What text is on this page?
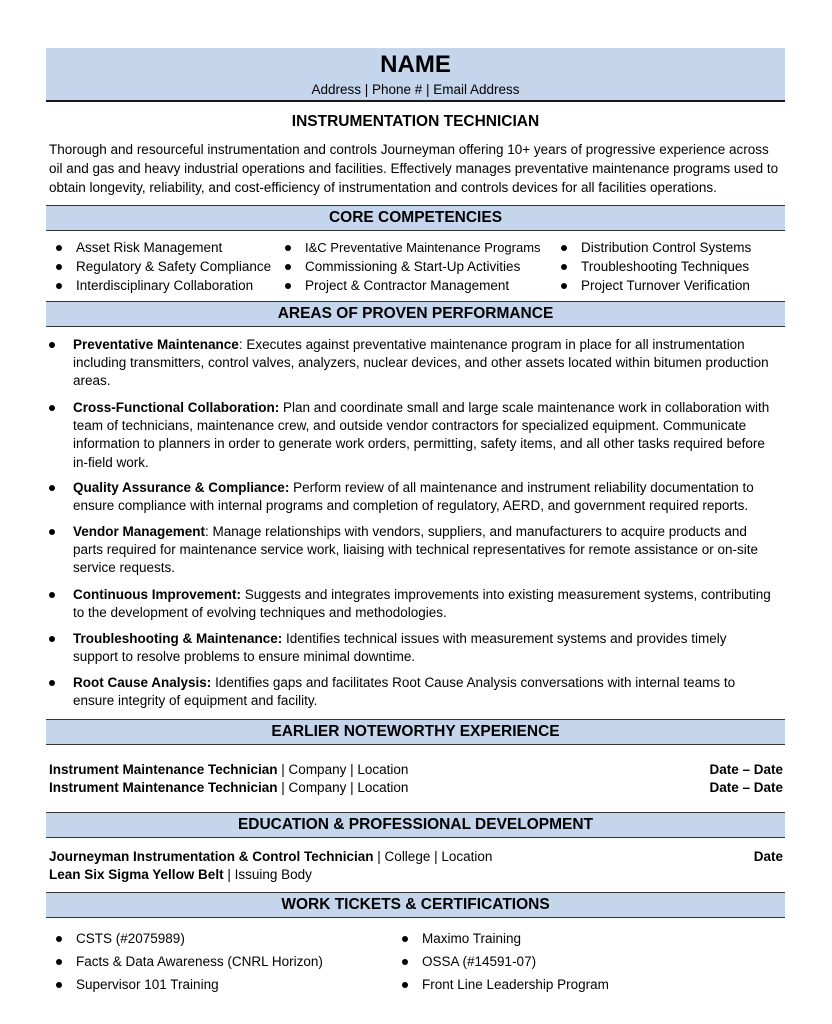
NAME
Address | Phone # | Email Address
INSTRUMENTATION TECHNICIAN
Thorough and resourceful instrumentation and controls Journeyman offering 10+ years of progressive experience across oil and gas and heavy industrial operations and facilities. Effectively manages preventative maintenance programs used to obtain longevity, reliability, and cost-efficiency of instrumentation and controls devices for all facilities operations.
CORE COMPETENCIES
Asset Risk Management
Regulatory & Safety Compliance
Interdisciplinary Collaboration
I&C Preventative Maintenance Programs
Commissioning & Start-Up Activities
Project & Contractor Management
Distribution Control Systems
Troubleshooting Techniques
Project Turnover Verification
AREAS OF PROVEN PERFORMANCE
Preventative Maintenance: Executes against preventative maintenance program in place for all instrumentation including transmitters, control valves, analyzers, nuclear devices, and other assets located within bitumen production areas.
Cross-Functional Collaboration: Plan and coordinate small and large scale maintenance work in collaboration with team of technicians, maintenance crew, and outside vendor contractors for specialized equipment. Communicate information to planners in order to generate work orders, permitting, safety items, and all other tasks required before in-field work.
Quality Assurance & Compliance: Perform review of all maintenance and instrument reliability documentation to ensure compliance with internal programs and completion of regulatory, AERD, and government required reports.
Vendor Management: Manage relationships with vendors, suppliers, and manufacturers to acquire products and parts required for maintenance service work, liaising with technical representatives for remote assistance or on-site service requests.
Continuous Improvement: Suggests and integrates improvements into existing measurement systems, contributing to the development of evolving techniques and methodologies.
Troubleshooting & Maintenance: Identifies technical issues with measurement systems and provides timely support to resolve problems to ensure minimal downtime.
Root Cause Analysis: Identifies gaps and facilitates Root Cause Analysis conversations with internal teams to ensure integrity of equipment and facility.
EARLIER NOTEWORTHY EXPERIENCE
Instrument Maintenance Technician | Company | Location	Date – Date
Instrument Maintenance Technician | Company | Location	Date – Date
EDUCATION & PROFESSIONAL DEVELOPMENT
Journeyman Instrumentation & Control Technician | College | Location	Date
Lean Six Sigma Yellow Belt | Issuing Body
WORK TICKETS & CERTIFICATIONS
CSTS (#2075989)
Facts & Data Awareness (CNRL Horizon)
Supervisor 101 Training
Maximo Training
OSSA (#14591-07)
Front Line Leadership Program
